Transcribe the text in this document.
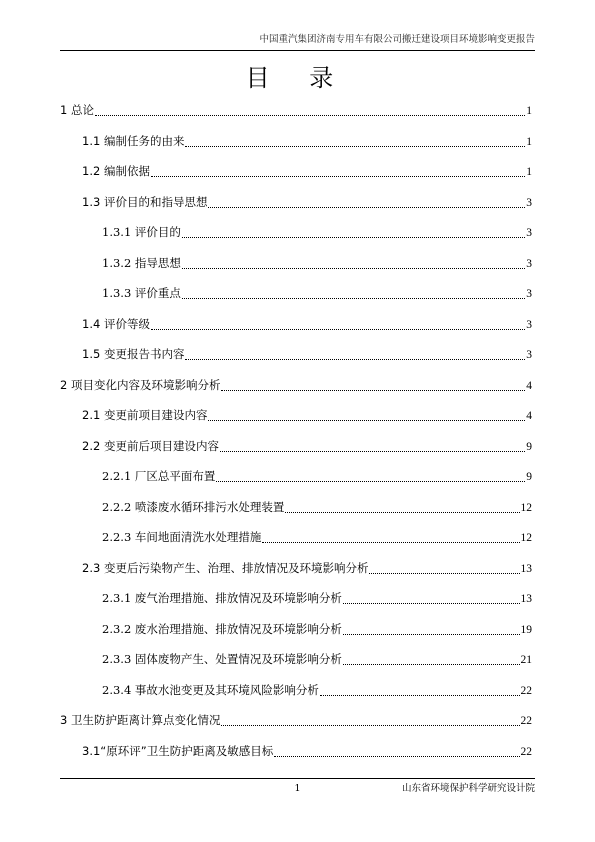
中国重汽集团济南专用车有限公司搬迁建设项目环境影响变更报告
目 录
1 总论	1
1.1 编制任务的由来	1
1.2 编制依据	1
1.3 评价目的和指导思想	3
1.3.1 评价目的	3
1.3.2 指导思想	3
1.3.3 评价重点	3
1.4 评价等级	3
1.5 变更报告书内容	3
2 项目变化内容及环境影响分析	4
2.1 变更前项目建设内容	4
2.2 变更前后项目建设内容	9
2.2.1 厂区总平面布置	9
2.2.2 喷漆废水循环排污水处理装置	12
2.2.3 车间地面清洗水处理措施	12
2.3 变更后污染物产生、治理、排放情况及环境影响分析	13
2.3.1 废气治理措施、排放情况及环境影响分析	13
2.3.2 废水治理措施、排放情况及环境影响分析	19
2.3.3 固体废物产生、处置情况及环境影响分析	21
2.3.4 事故水池变更及其环境风险影响分析	22
3 卫生防护距离计算点变化情况	22
3.1“原环评”卫生防护距离及敏感目标	22
1	山东省环境保护科学研究设计院
